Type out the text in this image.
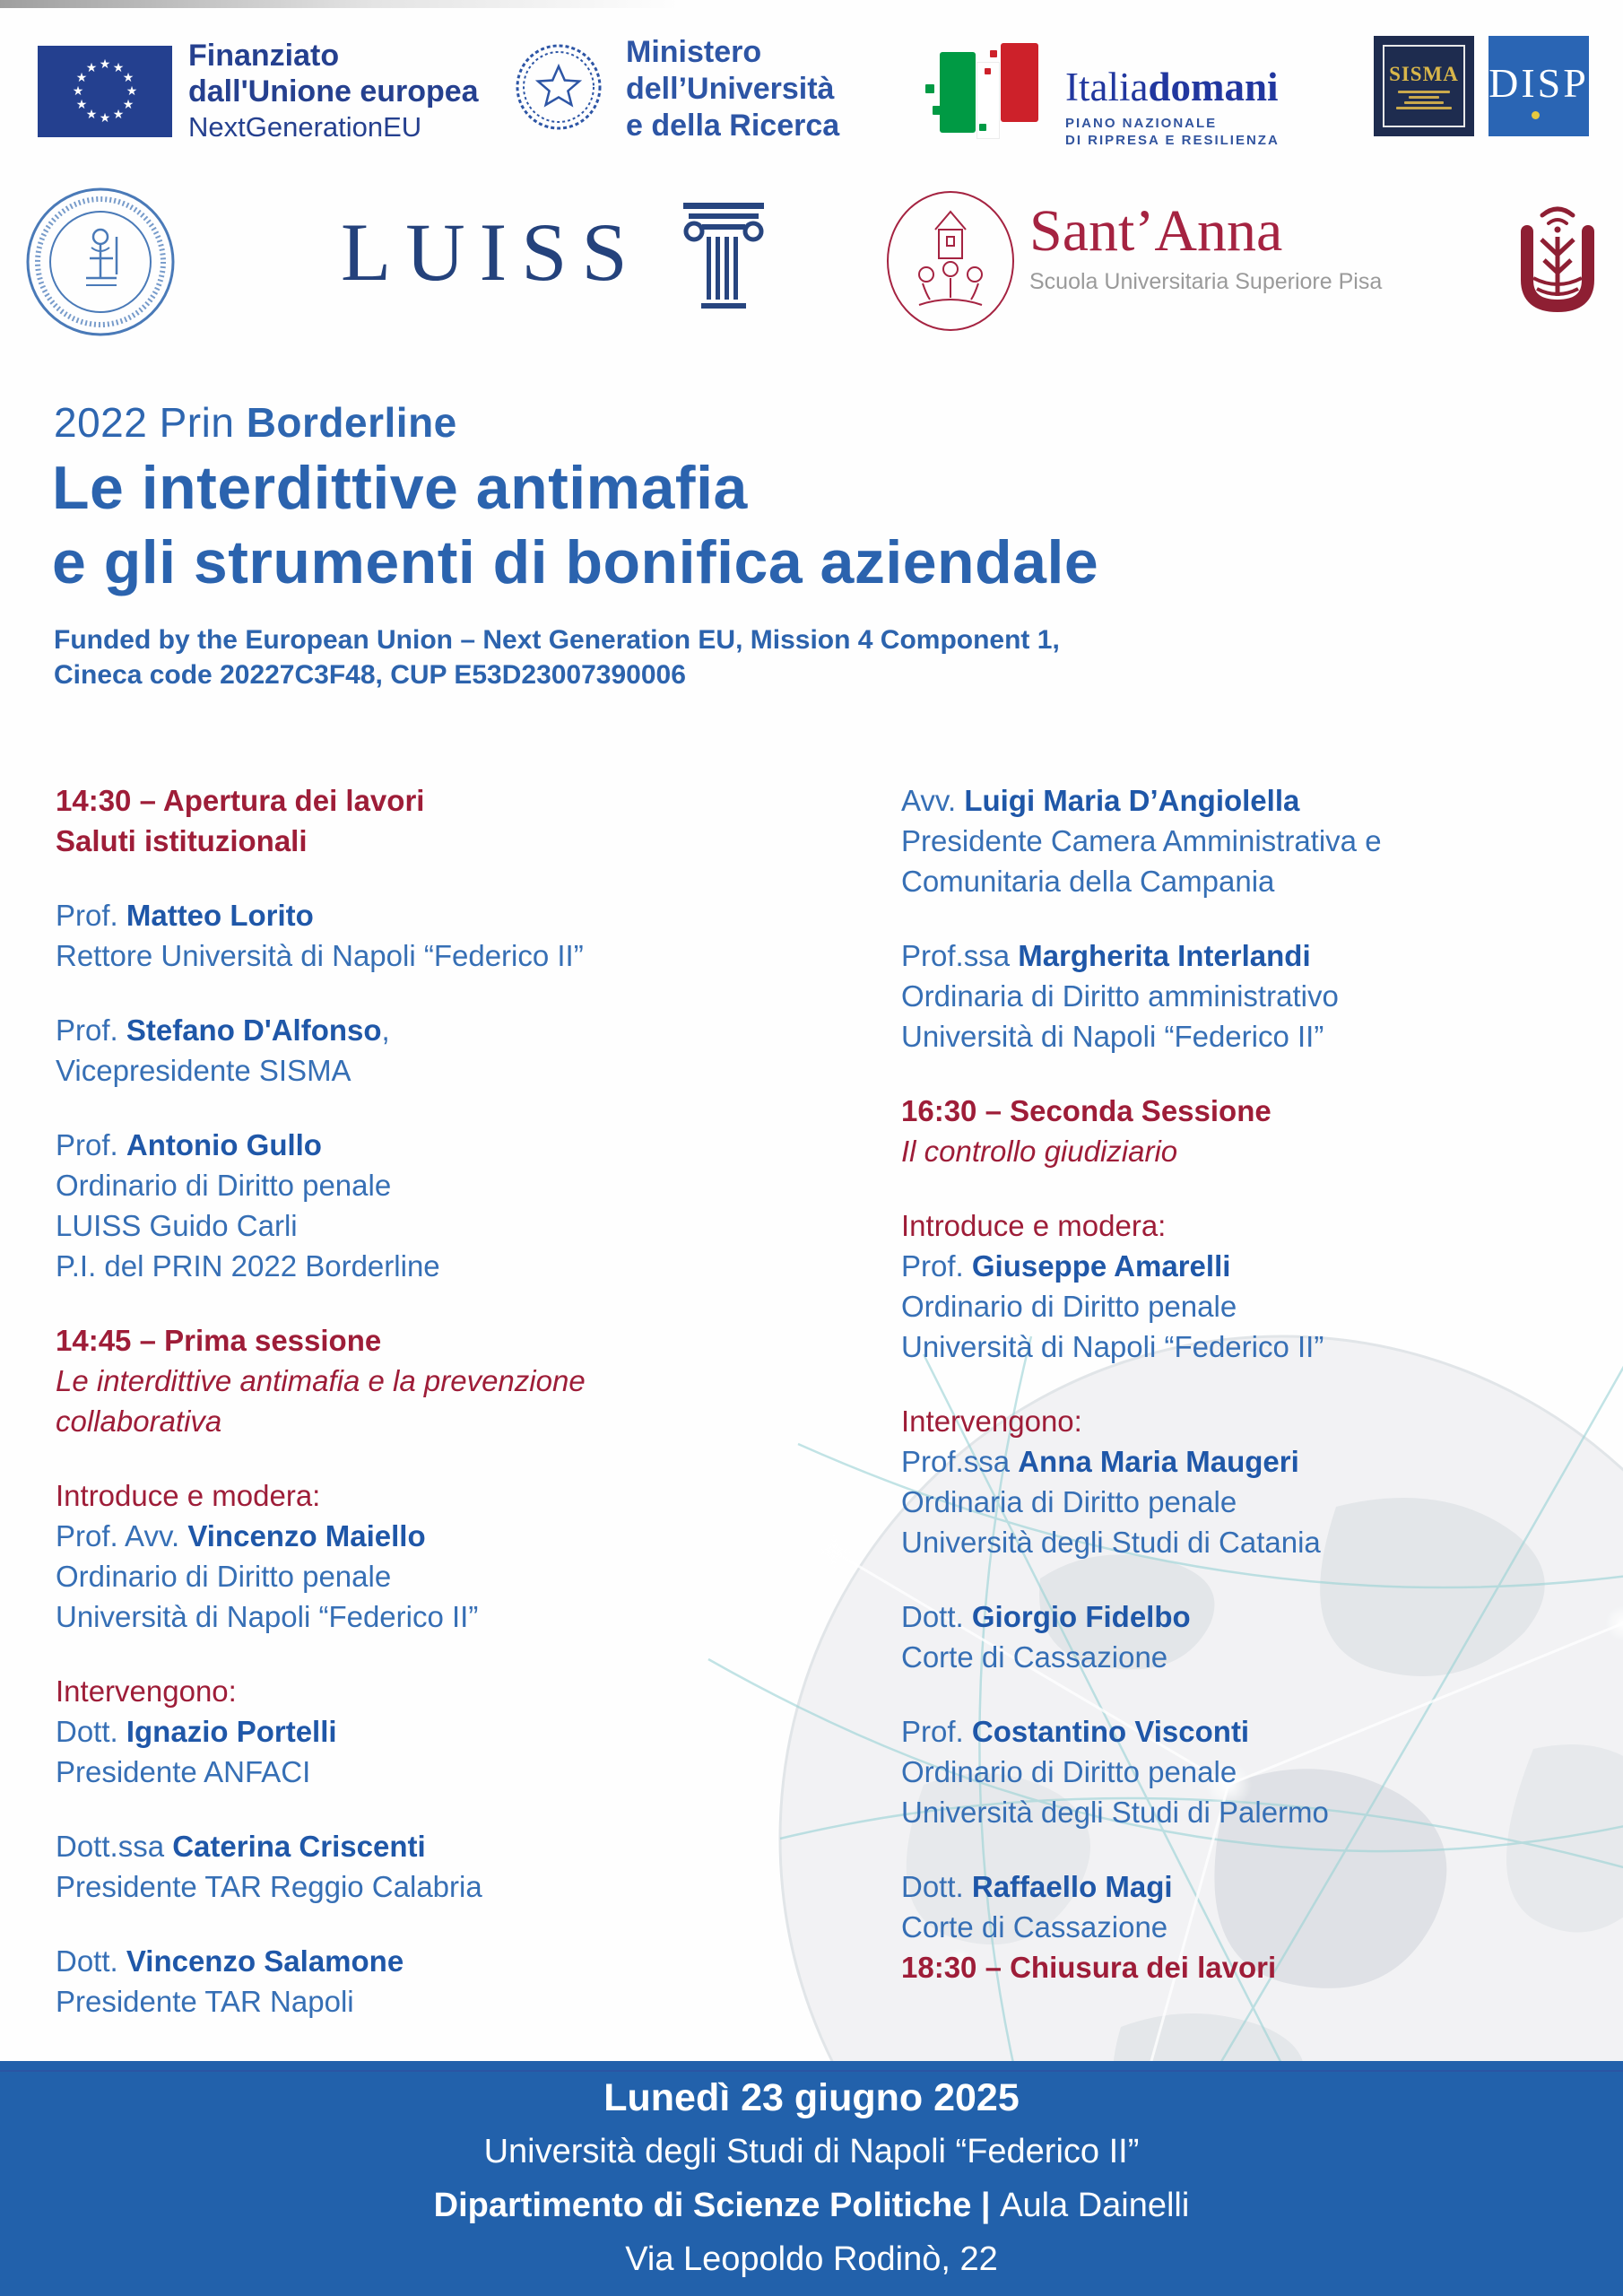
★ ★
★
★
★
★
★
★
★
★
★
★	Finanziato
dall'Unione europea
NextGenerationEU
Ministero
dell’Università
e della Ricerca
Italiadomani
PIANO NAZIONALE
DI RIPRESA E RESILIENZA
SISMA DISP
LUISS	Sant’Anna
Scuola Universitaria Superiore Pisa
2022 Prin Borderline
Le interdittive antimafia
e gli strumenti di bonifica aziendale
Funded by the European Union – Next Generation EU, Mission 4 Component 1,
Cineca code 20227C3F48, CUP E53D23007390006
14:30 – Apertura dei lavori
Saluti istituzionali
Prof. Matteo Lorito
Rettore Università di Napoli “Federico II”
Prof. Stefano D'Alfonso,
Vicepresidente SISMA
Prof. Antonio Gullo
Ordinario di Diritto penale
LUISS Guido Carli
P.I. del PRIN 2022 Borderline
14:45 – Prima sessione
Le interdittive antimafia e la prevenzione
collaborativa
Introduce e modera:
Prof. Avv. Vincenzo Maiello
Ordinario di Diritto penale
Università di Napoli “Federico II”
Intervengono:
Dott. Ignazio Portelli
Presidente ANFACI
Dott.ssa Caterina Criscenti
Presidente TAR Reggio Calabria
Dott. Vincenzo Salamone
Presidente TAR Napoli
Avv. Luigi Maria D’Angiolella
Presidente Camera Amministrativa e
Comunitaria della Campania
Prof.ssa Margherita Interlandi
Ordinaria di Diritto amministrativo
Università di Napoli “Federico II”
16:30 – Seconda Sessione
Il controllo giudiziario
Introduce e modera:
Prof. Giuseppe Amarelli
Ordinario di Diritto penale
Università di Napoli “Federico II”
Intervengono:
Prof.ssa Anna Maria Maugeri
Ordinaria di Diritto penale
Università degli Studi di Catania
Dott. Giorgio Fidelbo
Corte di Cassazione
Prof. Costantino Visconti
Ordinario di Diritto penale
Università degli Studi di Palermo
Dott. Raffaello Magi
Corte di Cassazione
18:30 – Chiusura dei lavori
Lunedì 23 giugno 2025
Università degli Studi di Napoli “Federico II”
Dipartimento di Scienze Politiche | Aula Dainelli
Via Leopoldo Rodinò, 22
